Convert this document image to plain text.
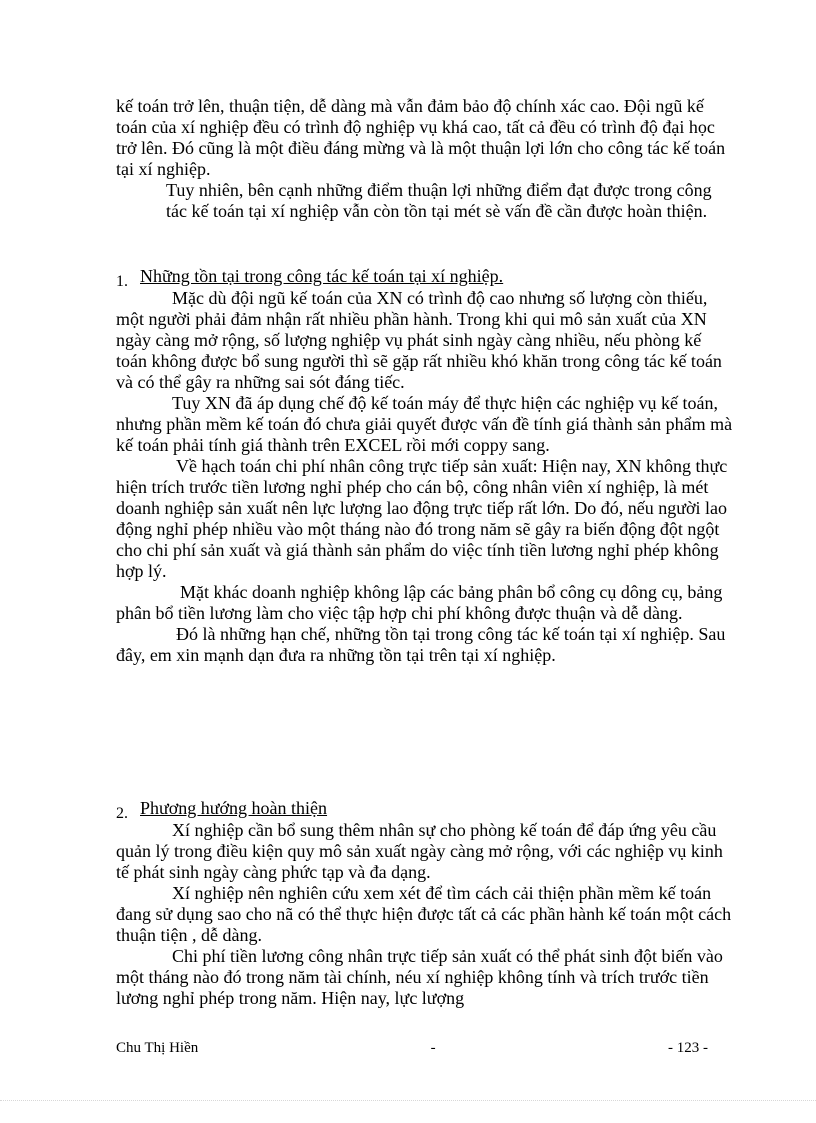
kế toán trở lên, thuận tiện, dễ dàng mà vẫn đảm bảo độ chính xác cao. Đội ngũ kế toán của xí nghiệp đều có trình độ nghiệp vụ khá cao, tất cả đều có trình độ đại học trở lên. Đó cũng là một điều đáng mừng và là một thuận lợi lớn cho công tác kế toán tại xí nghiệp.

Tuy nhiên, bên cạnh những điểm thuận lợi những điểm đạt được trong công tác kế toán tại xí nghiệp vẫn còn tồn tại mét sè vấn đề cần được hoàn thiện.

1. Những tồn tại trong công tác kế toán tại xí nghiệp.

Mặc dù đội ngũ kế toán của XN có trình độ cao nhưng số lượng còn thiếu, một người phải đảm nhận rất nhiều phần hành. Trong khi qui mô sản xuất của XN ngày càng mở rộng, số lượng nghiệp vụ phát sinh ngày càng nhiều, nếu phòng kế toán không được bổ sung người thì sẽ gặp rất nhiều khó khăn trong công tác kế toán và có thể gây ra những sai sót đáng tiếc.

Tuy XN đã áp dụng chế độ kế toán máy để thực hiện các nghiệp vụ kế toán, nhưng phần mềm kế toán đó chưa giải quyết được vấn đề tính giá thành sản phẩm mà kế toán phải tính giá thành trên EXCEL rồi mới coppy sang.

Về hạch toán chi phí nhân công trực tiếp sản xuất: Hiện nay, XN không thực hiện trích trước tiền lương nghỉ phép cho cán bộ, công nhân viên xí nghiệp, là mét doanh nghiệp sản xuất nên lực lượng lao động trực tiếp rất lớn. Do đó, nếu người lao động nghỉ phép nhiều vào một tháng nào đó trong năm sẽ gây ra biến động đột ngột cho chi phí sản xuất và giá thành sản phẩm do việc tính tiền lương nghỉ phép không hợp lý.

Mặt khác doanh nghiệp không lập các bảng phân bổ công cụ dông cụ, bảng phân bổ tiền lương làm cho việc tập hợp chi phí không được thuận và dễ dàng.

Đó là những hạn chế, những tồn tại trong công tác kế toán tại xí nghiệp. Sau đây, em xin mạnh dạn đưa ra những tồn tại trên tại xí nghiệp.

2. Phương hướng hoàn thiện

Xí nghiệp cần bổ sung thêm nhân sự cho phòng kế toán để đáp ứng yêu cầu quản lý trong điều kiện quy mô sản xuất ngày càng mở rộng, với các nghiệp vụ kinh tế phát sinh ngày càng phức tạp và đa dạng.

Xí nghiệp nên nghiên cứu xem xét để tìm cách cải thiện phần mềm kế toán đang sử dụng sao cho nã có thể thực hiện được tất cả các phần hành kế toán một cách thuận tiện , dễ dàng.

Chi phí tiền lương công nhân trực tiếp sản xuất có thể phát sinh đột biến vào một tháng nào đó trong năm tài chính, néu xí nghiệp không tính và trích trước tiền lương nghỉ phép trong năm. Hiện nay, lực lượng

Chu Thị Hiền	-	- 123 -
